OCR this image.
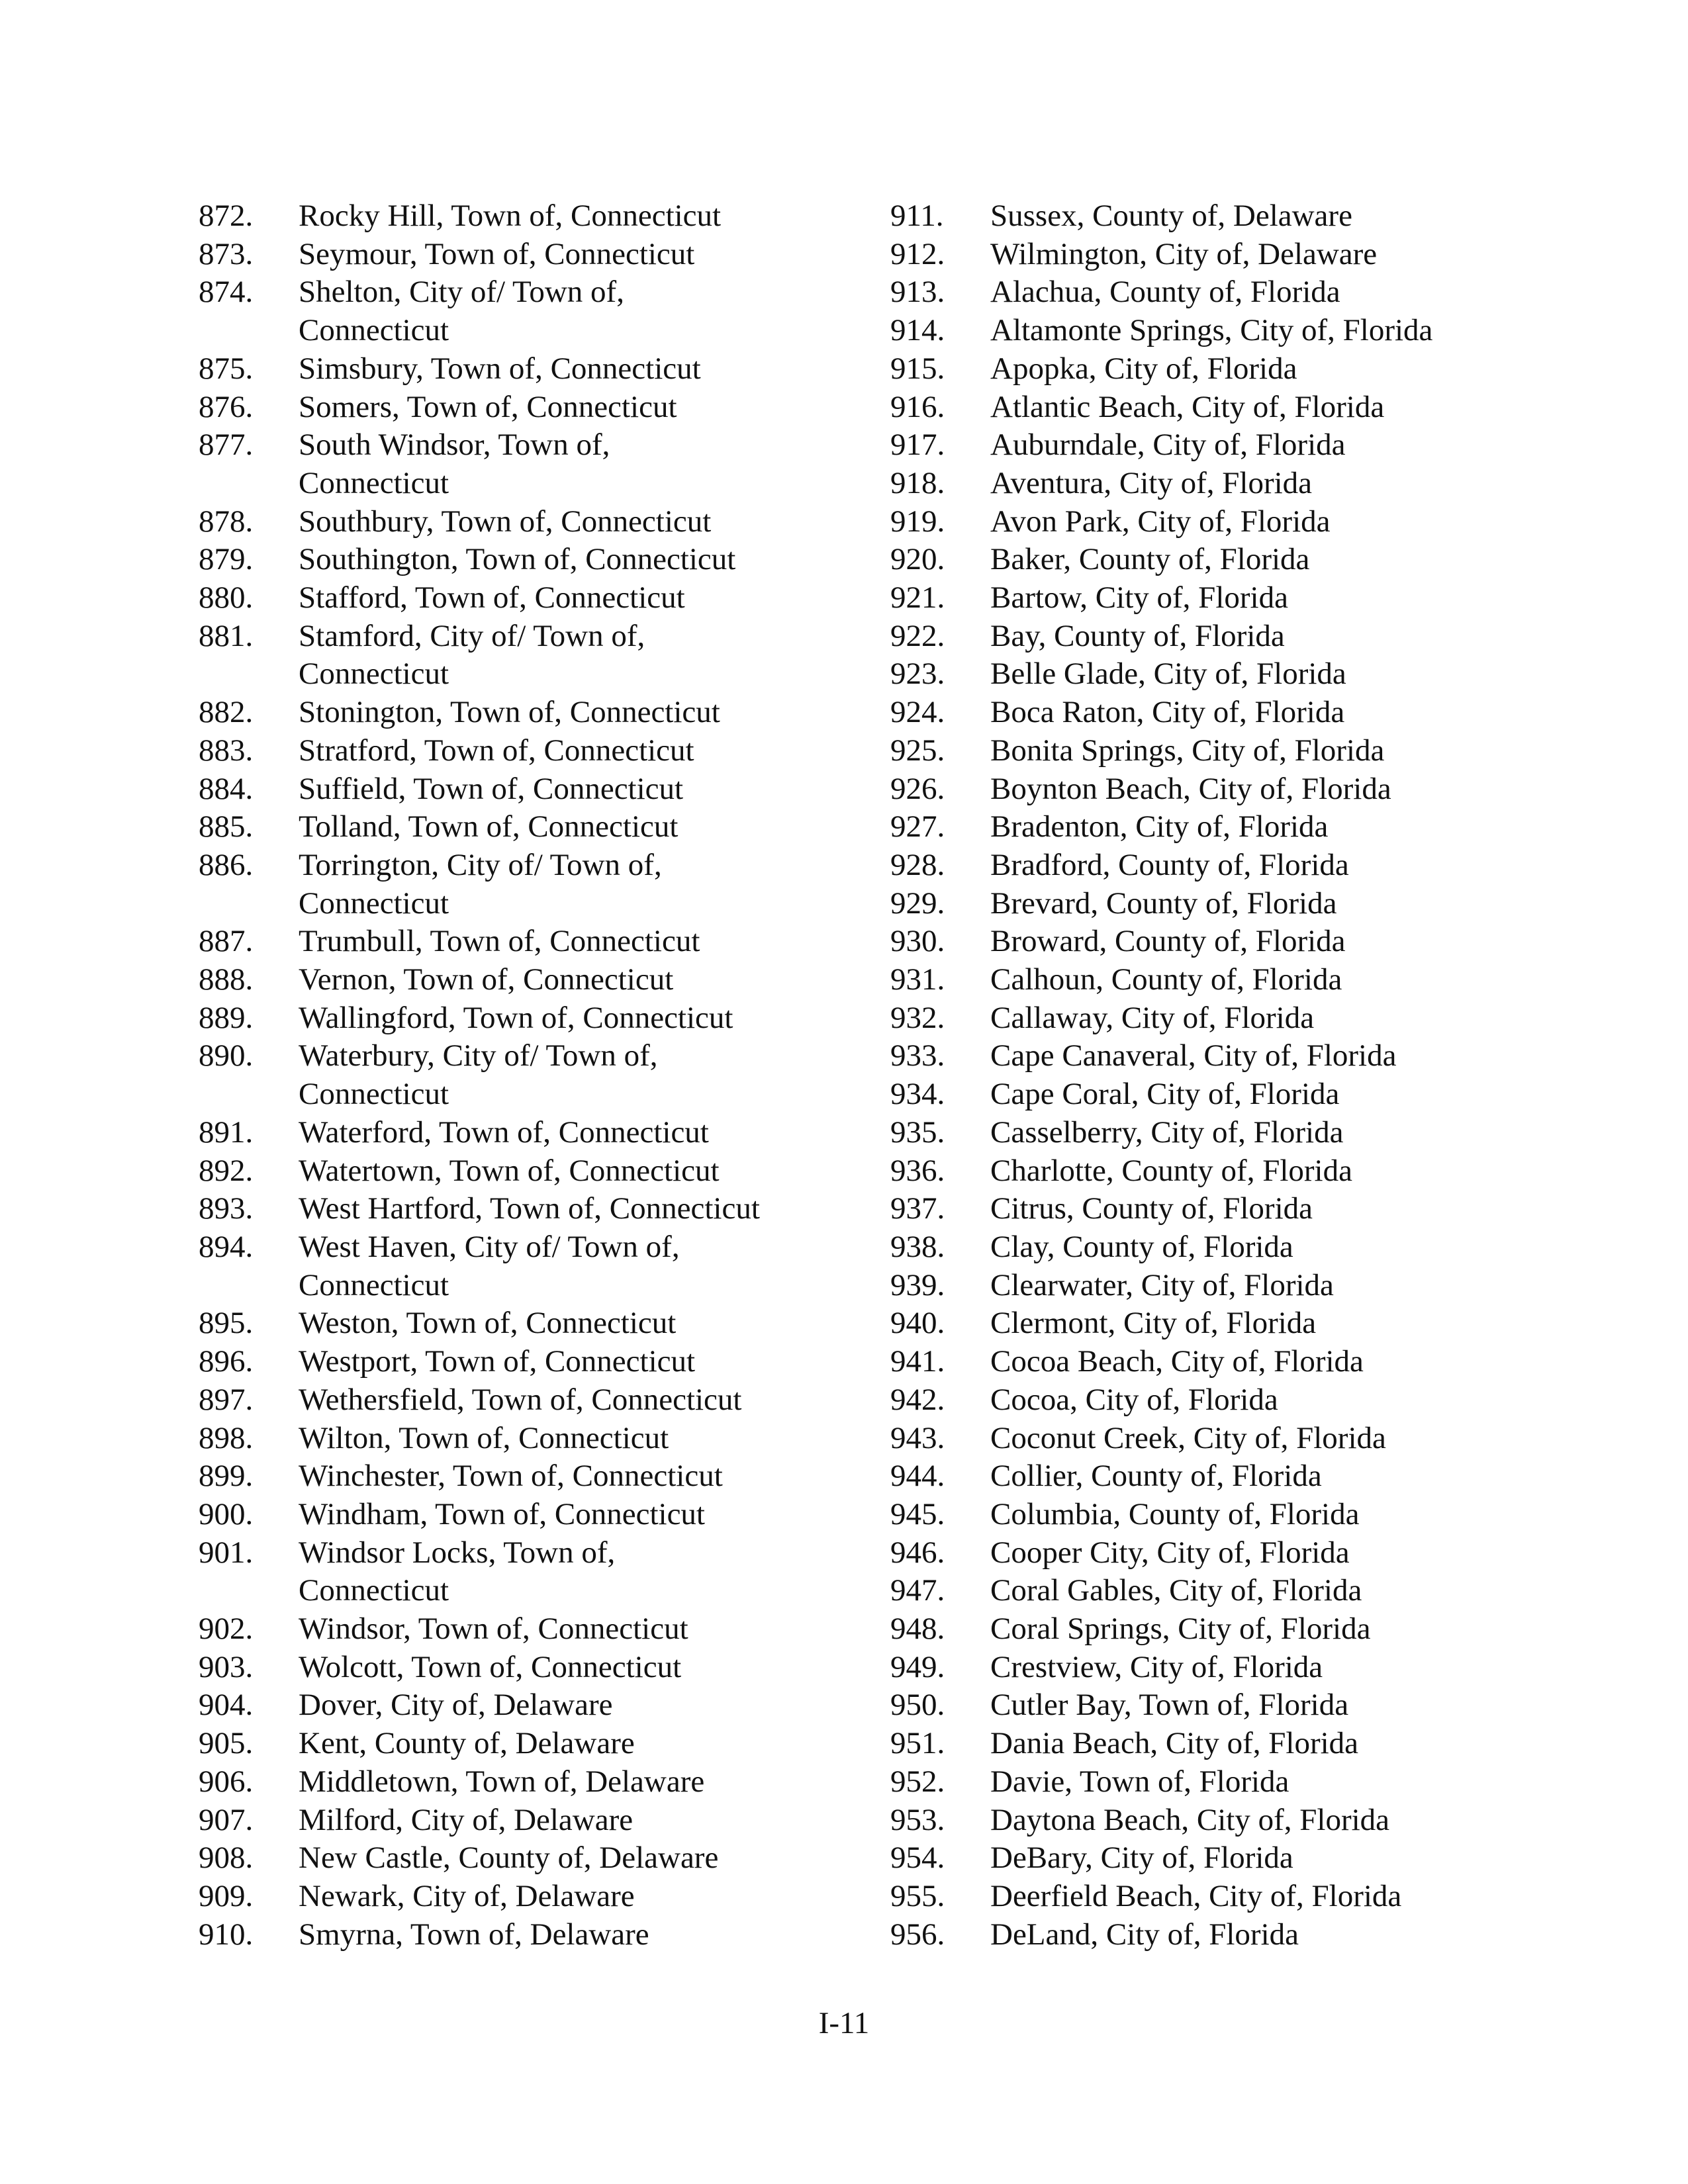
872.	Rocky Hill, Town of, Connecticut
873.	Seymour, Town of, Connecticut
874.	Shelton, City of/ Town of,
Connecticut
875.	Simsbury, Town of, Connecticut
876.	Somers, Town of, Connecticut
877.	South Windsor, Town of,
Connecticut
878.	Southbury, Town of, Connecticut
879.	Southington, Town of, Connecticut
880.	Stafford, Town of, Connecticut
881.	Stamford, City of/ Town of,
Connecticut
882.	Stonington, Town of, Connecticut
883.	Stratford, Town of, Connecticut
884.	Suffield, Town of, Connecticut
885.	Tolland, Town of, Connecticut
886.	Torrington, City of/ Town of,
Connecticut
887.	Trumbull, Town of, Connecticut
888.	Vernon, Town of, Connecticut
889.	Wallingford, Town of, Connecticut
890.	Waterbury, City of/ Town of,
Connecticut
891.	Waterford, Town of, Connecticut
892.	Watertown, Town of, Connecticut
893.	West Hartford, Town of, Connecticut
894.	West Haven, City of/ Town of,
Connecticut
895.	Weston, Town of, Connecticut
896.	Westport, Town of, Connecticut
897.	Wethersfield, Town of, Connecticut
898.	Wilton, Town of, Connecticut
899.	Winchester, Town of, Connecticut
900.	Windham, Town of, Connecticut
901.	Windsor Locks, Town of,
Connecticut
902.	Windsor, Town of, Connecticut
903.	Wolcott, Town of, Connecticut
904.	Dover, City of, Delaware
905.	Kent, County of, Delaware
906.	Middletown, Town of, Delaware
907.	Milford, City of, Delaware
908.	New Castle, County of, Delaware
909.	Newark, City of, Delaware
910.	Smyrna, Town of, Delaware
911.	Sussex, County of, Delaware
912.	Wilmington, City of, Delaware
913.	Alachua, County of, Florida
914.	Altamonte Springs, City of, Florida
915.	Apopka, City of, Florida
916.	Atlantic Beach, City of, Florida
917.	Auburndale, City of, Florida
918.	Aventura, City of, Florida
919.	Avon Park, City of, Florida
920.	Baker, County of, Florida
921.	Bartow, City of, Florida
922.	Bay, County of, Florida
923.	Belle Glade, City of, Florida
924.	Boca Raton, City of, Florida
925.	Bonita Springs, City of, Florida
926.	Boynton Beach, City of, Florida
927.	Bradenton, City of, Florida
928.	Bradford, County of, Florida
929.	Brevard, County of, Florida
930.	Broward, County of, Florida
931.	Calhoun, County of, Florida
932.	Callaway, City of, Florida
933.	Cape Canaveral, City of, Florida
934.	Cape Coral, City of, Florida
935.	Casselberry, City of, Florida
936.	Charlotte, County of, Florida
937.	Citrus, County of, Florida
938.	Clay, County of, Florida
939.	Clearwater, City of, Florida
940.	Clermont, City of, Florida
941.	Cocoa Beach, City of, Florida
942.	Cocoa, City of, Florida
943.	Coconut Creek, City of, Florida
944.	Collier, County of, Florida
945.	Columbia, County of, Florida
946.	Cooper City, City of, Florida
947.	Coral Gables, City of, Florida
948.	Coral Springs, City of, Florida
949.	Crestview, City of, Florida
950.	Cutler Bay, Town of, Florida
951.	Dania Beach, City of, Florida
952.	Davie, Town of, Florida
953.	Daytona Beach, City of, Florida
954.	DeBary, City of, Florida
955.	Deerfield Beach, City of, Florida
956.	DeLand, City of, Florida
I-11
